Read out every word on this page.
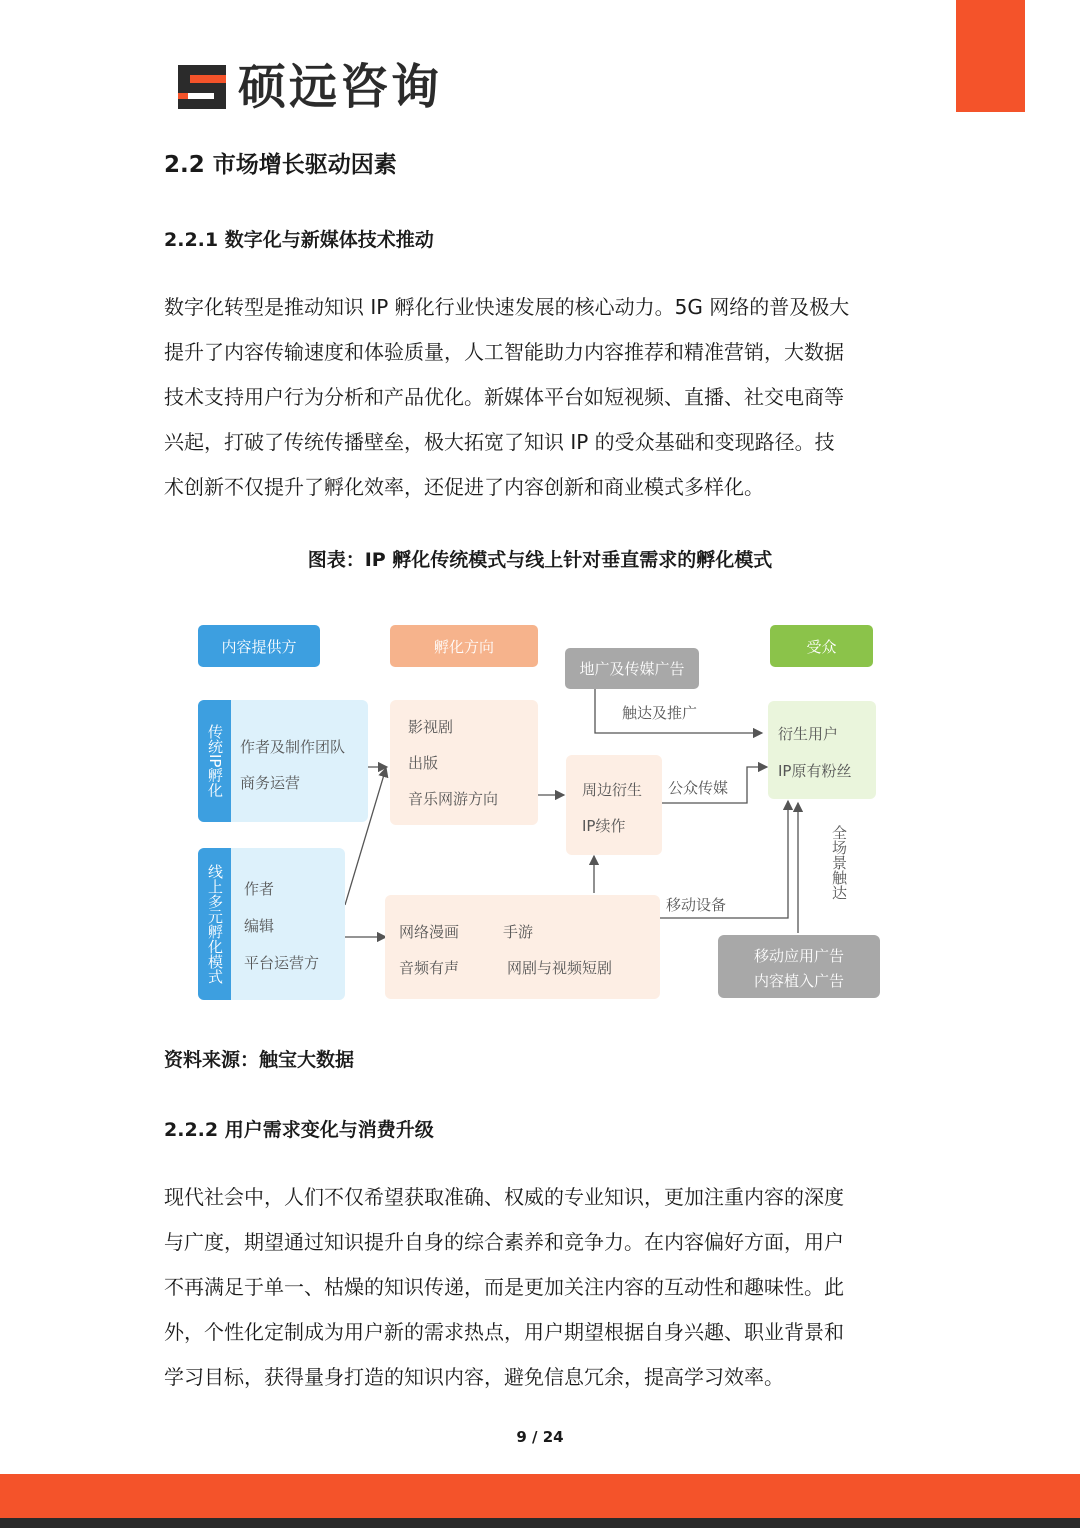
硕远咨询
2.2 市场增长驱动因素
2.2.1 数字化与新媒体技术推动

数字化转型是推动知识 IP 孵化行业快速发展的核心动力。5G 网络的普及极大

提升了内容传输速度和体验质量，人工智能助力内容推荐和精准营销，大数据

技术支持用户行为分析和产品优化。新媒体平台如短视频、直播、社交电商等

兴起，打破了传统传播壁垒，极大拓宽了知识 IP 的受众基础和变现路径。技

术创新不仅提升了孵化效率，还促进了内容创新和商业模式多样化。

图表：IP 孵化传统模式与线上针对垂直需求的孵化模式
内容提供方	孵化方向	受众
地广及传媒广告
传统IP孵化 作者及制作团队
商务运营
线上多元孵化模式 作者
编辑
平台运营方
影视剧
出版
音乐网游方向	周边衍生
IP续作
网络漫画	手游
音频有声	网剧与视频短剧
衍生用户
IP原有粉丝
移动应用广告
内容植入广告
触达及推广
公众传媒
移动设备
全场景触达
资料来源：触宝大数据
2.2.2 用户需求变化与消费升级

现代社会中，人们不仅希望获取准确、权威的专业知识，更加注重内容的深度

与广度，期望通过知识提升自身的综合素养和竞争力。在内容偏好方面，用户

不再满足于单一、枯燥的知识传递，而是更加关注内容的互动性和趣味性。此

外，个性化定制成为用户新的需求热点，用户期望根据自身兴趣、职业背景和

学习目标，获得量身打造的知识内容，避免信息冗余，提高学习效率。

9 / 24
